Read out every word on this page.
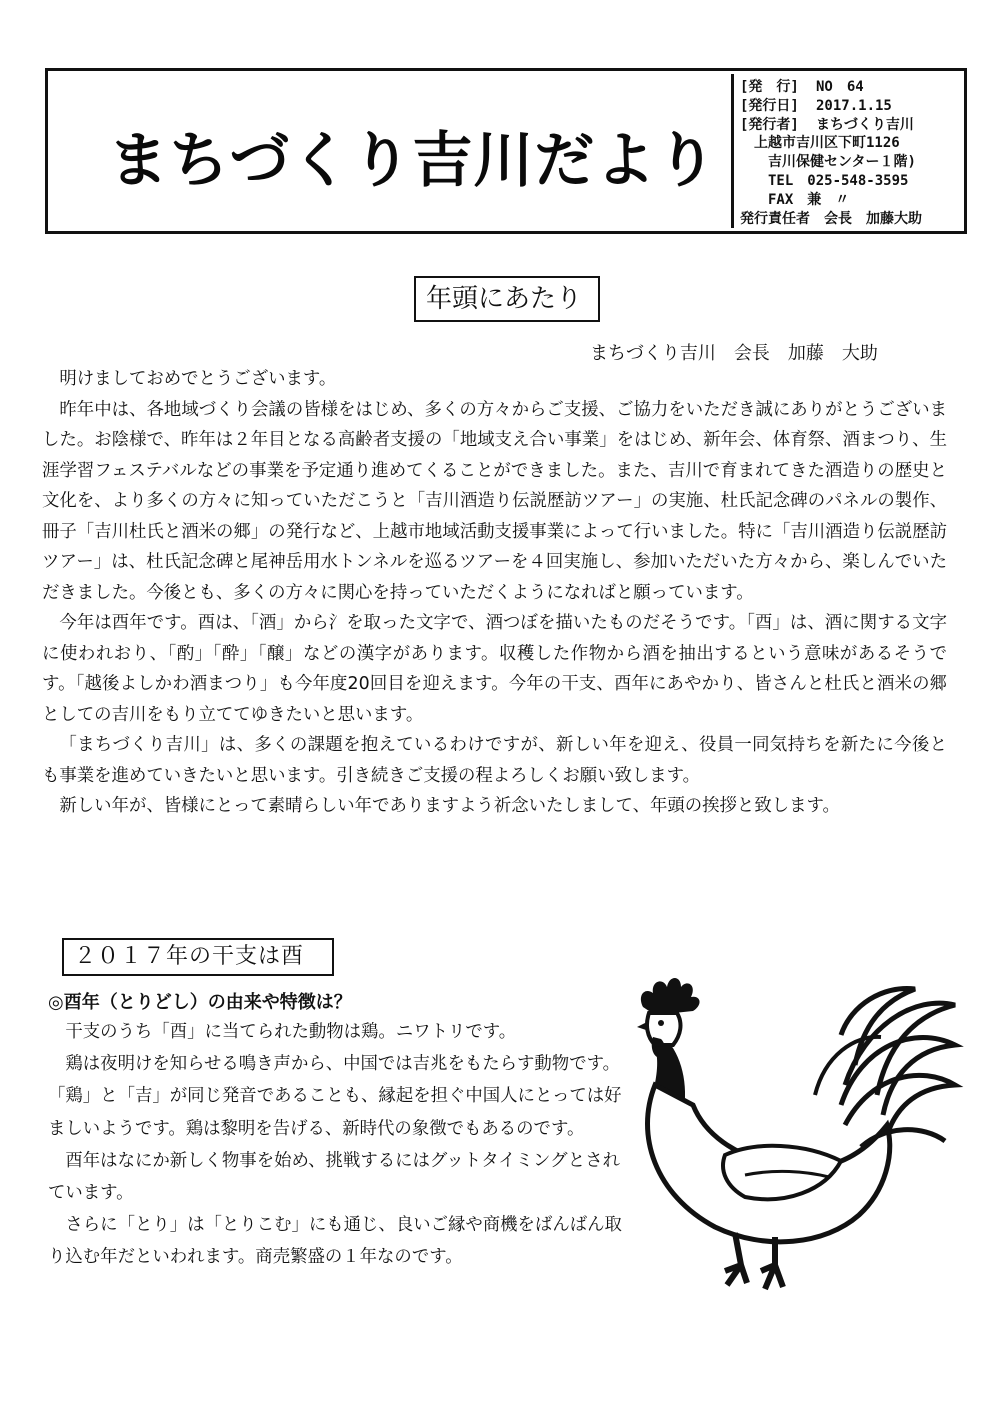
まちづくり吉川だより
[発　行] NO　64
[発行日] 2017.1.15
[発行者] まちづくり吉川
上越市吉川区下町1126
吉川保健センター１階)
TEL　025-548-3595
FAX　兼　〃
発行責任者　会長　加藤大助
年頭にあたり
まちづくり吉川　会長　加藤　大助

明けましておめでとうございます。

昨年中は、各地域づくり会議の皆様をはじめ、多くの方々からご支援、ご協力をいただき誠にありがとうございました。お陰様で、昨年は２年目となる高齢者支援の「地域支え合い事業」をはじめ、新年会、体育祭、酒まつり、生涯学習フェステバルなどの事業を予定通り進めてくることができました。また、吉川で育まれてきた酒造りの歴史と文化を、より多くの方々に知っていただこうと「吉川酒造り伝説歴訪ツアー」の実施、杜氏記念碑のパネルの製作、冊子「吉川杜氏と酒米の郷」の発行など、上越市地域活動支援事業によって行いました。特に「吉川酒造り伝説歴訪ツアー」は、杜氏記念碑と尾神岳用水トンネルを巡るツアーを４回実施し、参加いただいた方々から、楽しんでいただきました。今後とも、多くの方々に関心を持っていただくようになればと願っています。

今年は酉年です。酉は、「酒」から氵を取った文字で、酒つぼを描いたものだそうです。「酉」は、酒に関する文字に使われおり、「酌」「酔」「醸」などの漢字があります。収穫した作物から酒を抽出するという意味があるそうです。「越後よしかわ酒まつり」も今年度20回目を迎えます。今年の干支、酉年にあやかり、皆さんと杜氏と酒米の郷としての吉川をもり立ててゆきたいと思います。

「まちづくり吉川」は、多くの課題を抱えているわけですが、新しい年を迎え、役員一同気持ちを新たに今後とも事業を進めていきたいと思います。引き続きご支援の程よろしくお願い致します。

新しい年が、皆様にとって素晴らしい年でありますよう祈念いたしまして、年頭の挨拶と致します。

２０１７年の干支は酉
◎酉年（とりどし）の由来や特徴は？

干支のうち「酉」に当てられた動物は鶏。ニワトリです。

鶏は夜明けを知らせる鳴き声から、中国では吉兆をもたらす動物です。「鶏」と「吉」が同じ発音であることも、縁起を担ぐ中国人にとっては好ましいようです。鶏は黎明を告げる、新時代の象徴でもあるのです。

酉年はなにか新しく物事を始め、挑戦するにはグットタイミングとされています。

さらに「とり」は「とりこむ」にも通じ、良いご縁や商機をばんばん取り込む年だといわれます。商売繁盛の１年なのです。
